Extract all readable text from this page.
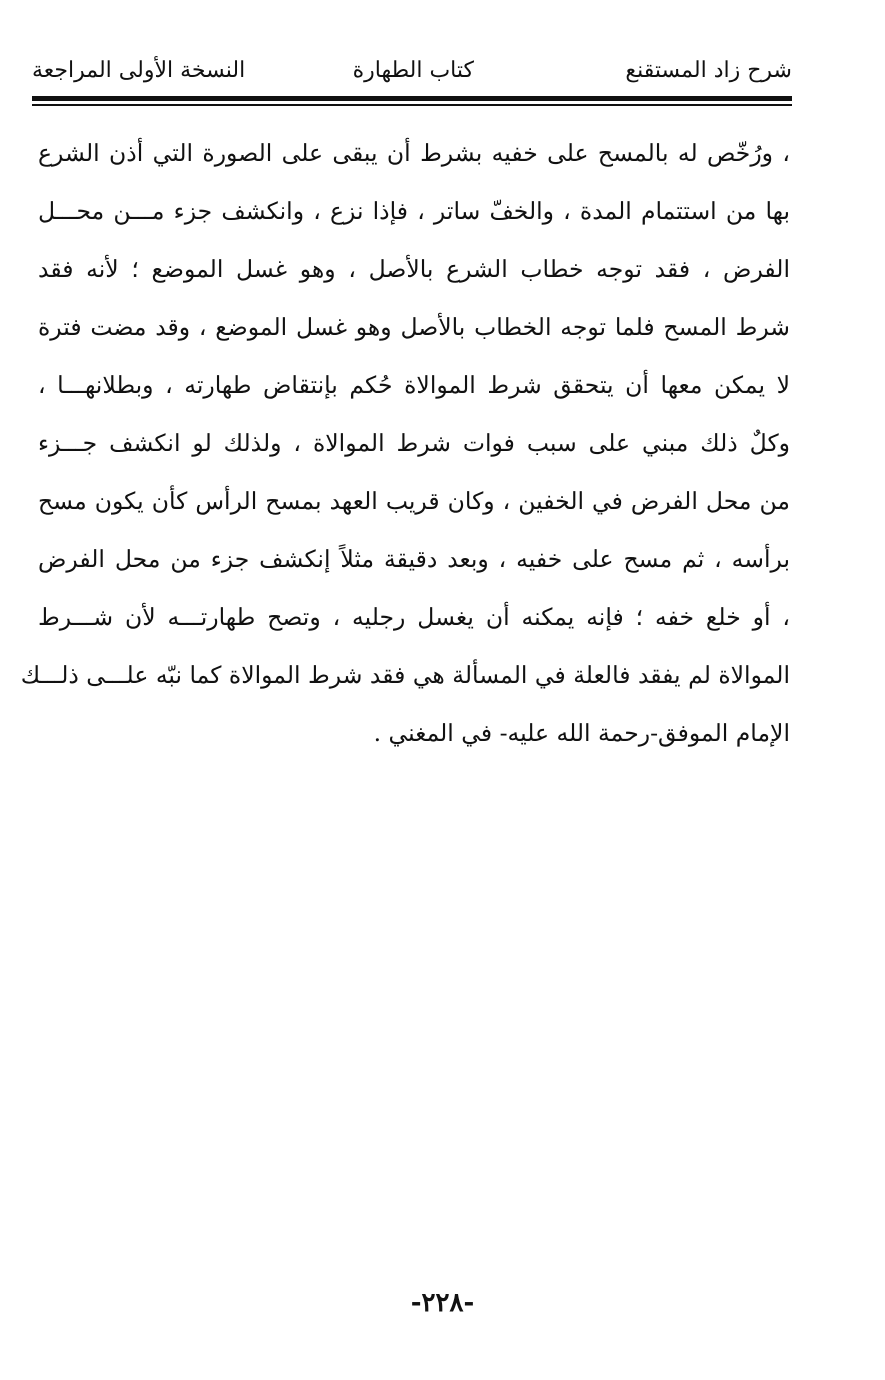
شرح زاد المستقنع
كتاب الطهارة
النسخة الأولى المراجعة
، ورُخّص له بالمسح على خفيه بشرط أن يبقى على الصورة التي أذن الشرع
بها من استتمام المدة ، والخفّ ساتر ، فإذا نزع ، وانكشف جزء مـــن محـــل
الفرض ، فقد توجه خطاب الشرع بالأصل ، وهو غسل الموضع ؛ لأنه فقد
شرط المسح فلما توجه الخطاب بالأصل وهو غسل الموضع ، وقد مضت فترة
لا يمكن معها أن يتحقق شرط الموالاة حُكم بإنتقاض طهارته ، وبطلانهـــا ،
وكلٌ ذلك مبني على سبب فوات شرط الموالاة ، ولذلك لو انكشف جـــزء
من محل الفرض في الخفين ، وكان قريب العهد بمسح الرأس كأن يكون مسح
برأسه ، ثم مسح على خفيه ، وبعد دقيقة مثلاً إنكشف جزء من محل الفرض
، أو خلع خفه ؛ فإنه يمكنه أن يغسل رجليه ، وتصح طهارتـــه لأن شـــرط
الموالاة لم يفقد فالعلة في المسألة هي فقد شرط الموالاة كما نبّه علـــى ذلـــك
الإمام الموفق-رحمة الله عليه- في المغني .
-٢٢٨-
